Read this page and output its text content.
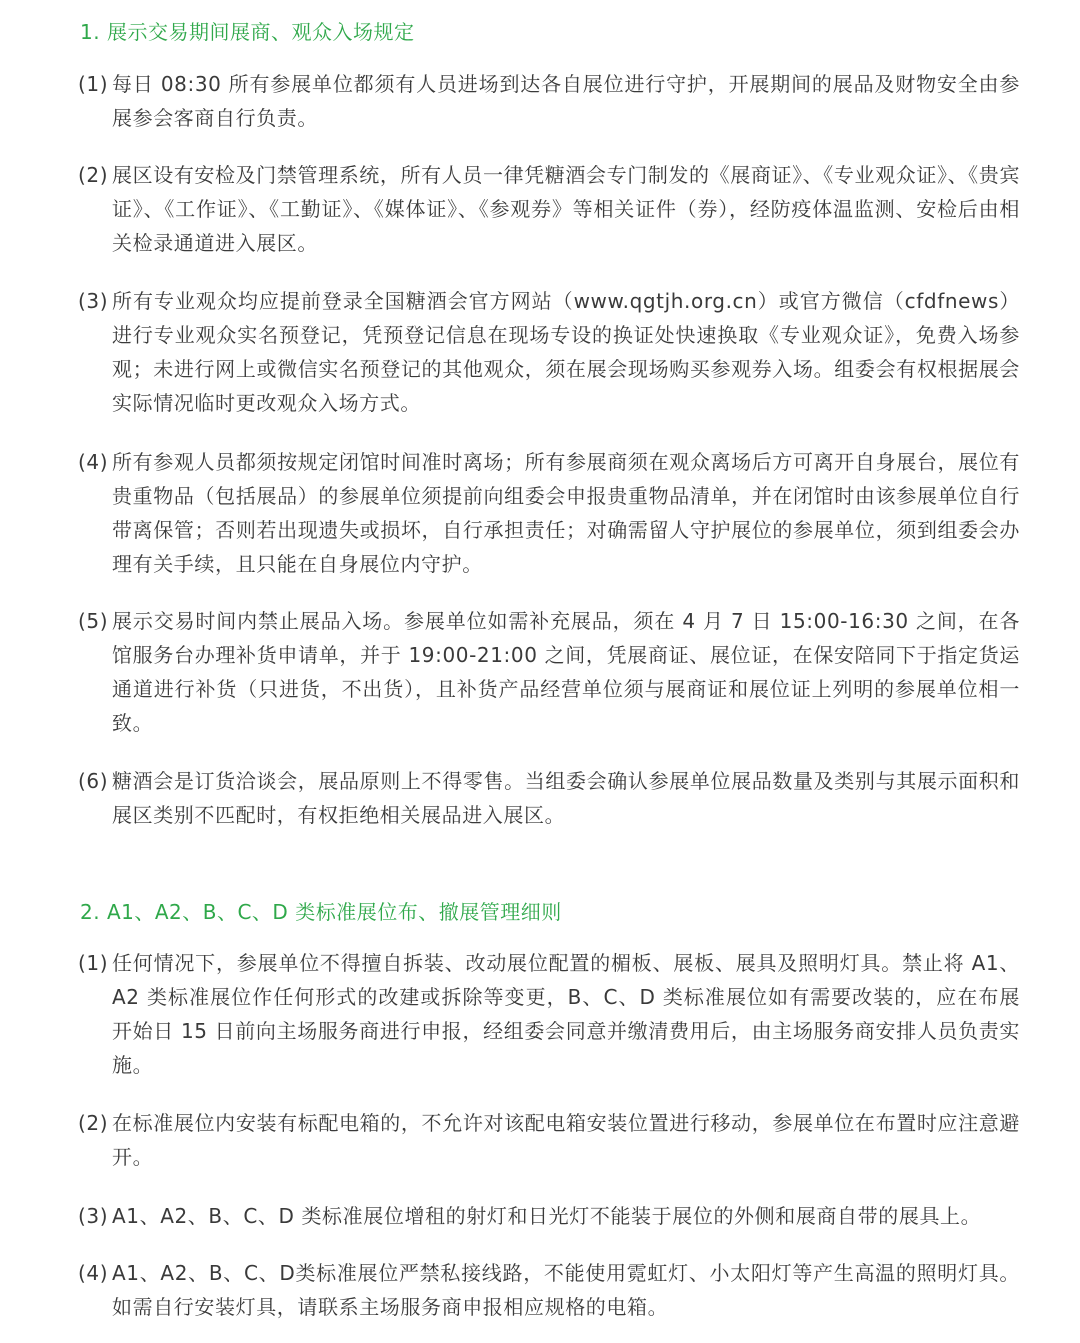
1. 展示交易期间展商、观众入场规定
(1) 每日 08:30 所有参展单位都须有人员进场到达各自展位进行守护，开展期间的展品及财物安全由参展参会客商自行负责。
(2) 展区设有安检及门禁管理系统，所有人员一律凭糖酒会专门制发的《展商证》、《专业观众证》、《贵宾证》、《工作证》、《工勤证》、《媒体证》、《参观券》等相关证件（券），经防疫体温监测、安检后由相关检录通道进入展区。
(3) 所有专业观众均应提前登录全国糖酒会官方网站（www.qgtjh.org.cn）或官方微信（cfdfnews）进行专业观众实名预登记，凭预登记信息在现场专设的换证处快速换取《专业观众证》，免费入场参观；未进行网上或微信实名预登记的其他观众，须在展会现场购买参观券入场。组委会有权根据展会实际情况临时更改观众入场方式。
(4) 所有参观人员都须按规定闭馆时间准时离场；所有参展商须在观众离场后方可离开自身展台，展位有贵重物品（包括展品）的参展单位须提前向组委会申报贵重物品清单，并在闭馆时由该参展单位自行带离保管；否则若出现遗失或损坏，自行承担责任；对确需留人守护展位的参展单位，须到组委会办理有关手续，且只能在自身展位内守护。
(5) 展示交易时间内禁止展品入场。参展单位如需补充展品，须在 4 月 7 日 15:00-16:30 之间，在各馆服务台办理补货申请单，并于 19:00-21:00 之间，凭展商证、展位证，在保安陪同下于指定货运通道进行补货（只进货，不出货），且补货产品经营单位须与展商证和展位证上列明的参展单位相一致。
(6) 糖酒会是订货洽谈会，展品原则上不得零售。当组委会确认参展单位展品数量及类别与其展示面积和展区类别不匹配时，有权拒绝相关展品进入展区。
2. A1、A2、B、C、D 类标准展位布、撤展管理细则
(1) 任何情况下，参展单位不得擅自拆装、改动展位配置的楣板、展板、展具及照明灯具。禁止将 A1、A2 类标准展位作任何形式的改建或拆除等变更，B、C、D 类标准展位如有需要改装的，应在布展开始日 15 日前向主场服务商进行申报，经组委会同意并缴清费用后，由主场服务商安排人员负责实施。
(2) 在标准展位内安装有标配电箱的，不允许对该配电箱安装位置进行移动，参展单位在布置时应注意避开。
(3) A1、A2、B、C、D 类标准展位增租的射灯和日光灯不能装于展位的外侧和展商自带的展具上。
(4) A1、A2、B、C、D类标准展位严禁私接线路，不能使用霓虹灯、小太阳灯等产生高温的照明灯具。如需自行安装灯具，请联系主场服务商申报相应规格的电箱。
